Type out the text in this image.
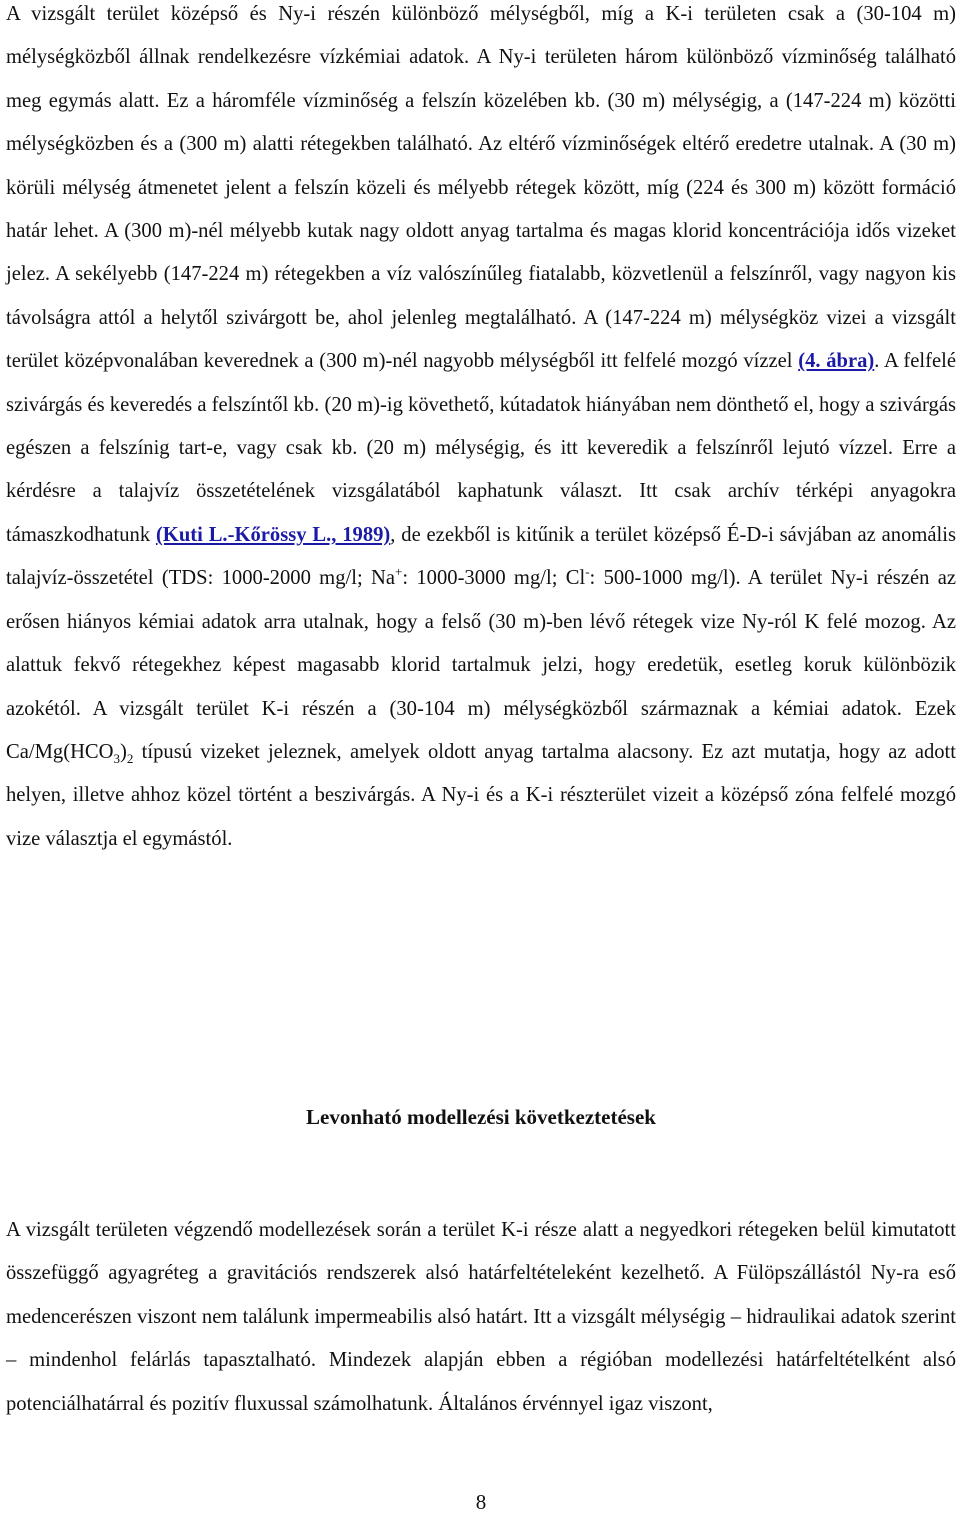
A vizsgált terület középső és Ny-i részén különböző mélységből, míg a K-i területen csak a (30-104 m) mélységközből állnak rendelkezésre vízkémiai adatok. A Ny-i területen három különböző vízminőség található meg egymás alatt. Ez a háromféle vízminőség a felszín közelében kb. (30 m) mélységig, a (147-224 m) közötti mélységközben és a (300 m) alatti rétegekben található. Az eltérő vízminőségek eltérő eredetre utalnak. A (30 m) körüli mélység átmenetet jelent a felszín közeli és mélyebb rétegek között, míg (224 és 300 m) között formáció határ lehet. A (300 m)-nél mélyebb kutak nagy oldott anyag tartalma és magas klorid koncentrációja idős vizeket jelez. A sekélyebb (147-224 m) rétegekben a víz valószínűleg fiatalabb, közvetlenül a felszínről, vagy nagyon kis távolságra attól a helytől szivárgott be, ahol jelenleg megtalálható. A (147-224 m) mélységköz vizei a vizsgált terület középvonalában keverednek a (300 m)-nél nagyobb mélységből itt felfelé mozgó vízzel (4. ábra). A felfelé szivárgás és keveredés a felszíntől kb. (20 m)-ig követhető, kútadatok hiányában nem dönthető el, hogy a szivárgás egészen a felszínig tart-e, vagy csak kb. (20 m) mélységig, és itt keveredik a felszínről lejutó vízzel. Erre a kérdésre a talajvíz összetételének vizsgálatából kaphatunk választ. Itt csak archív térképi anyagokra támaszkodhatunk (Kuti L.-Kőrössy L., 1989), de ezekből is kitűnik a terület középső É-D-i sávjában az anomális talajvíz-összetétel (TDS: 1000-2000 mg/l; Na+: 1000-3000 mg/l; Cl-: 500-1000 mg/l). A terület Ny-i részén az erősen hiányos kémiai adatok arra utalnak, hogy a felső (30 m)-ben lévő rétegek vize Ny-ról K felé mozog. Az alattuk fekvő rétegekhez képest magasabb klorid tartalmuk jelzi, hogy eredetük, esetleg koruk különbözik azokétól. A vizsgált terület K-i részén a (30-104 m) mélységközből származnak a kémiai adatok. Ezek $Ca/Mg(HCO_3)_2$ típusú vizeket jeleznek, amelyek oldott anyag tartalma alacsony. Ez azt mutatja, hogy az adott helyen, illetve ahhoz közel történt a beszivárgás. A Ny-i és a K-i részterület vizeit a középső zóna felfelé mozgó vize választja el egymástól.

Levonható modellezési következtetések

A vizsgált területen végzendő modellezések során a terület K-i része alatt a negyedkori rétegeken belül kimutatott összefüggő agyagréteg a gravitációs rendszerek alsó határfeltételeként kezelhető. A Fülöpszállástól Ny-ra eső medencerészen viszont nem találunk impermeabilis alsó határt. Itt a vizsgált mélységig – hidraulikai adatok szerint – mindenhol felárlás tapasztalható. Mindezek alapján ebben a régióban modellezési határfeltételként alsó potenciálhatárral és pozitív fluxussal számolhatunk. Általános érvénnyel igaz viszont,

8
